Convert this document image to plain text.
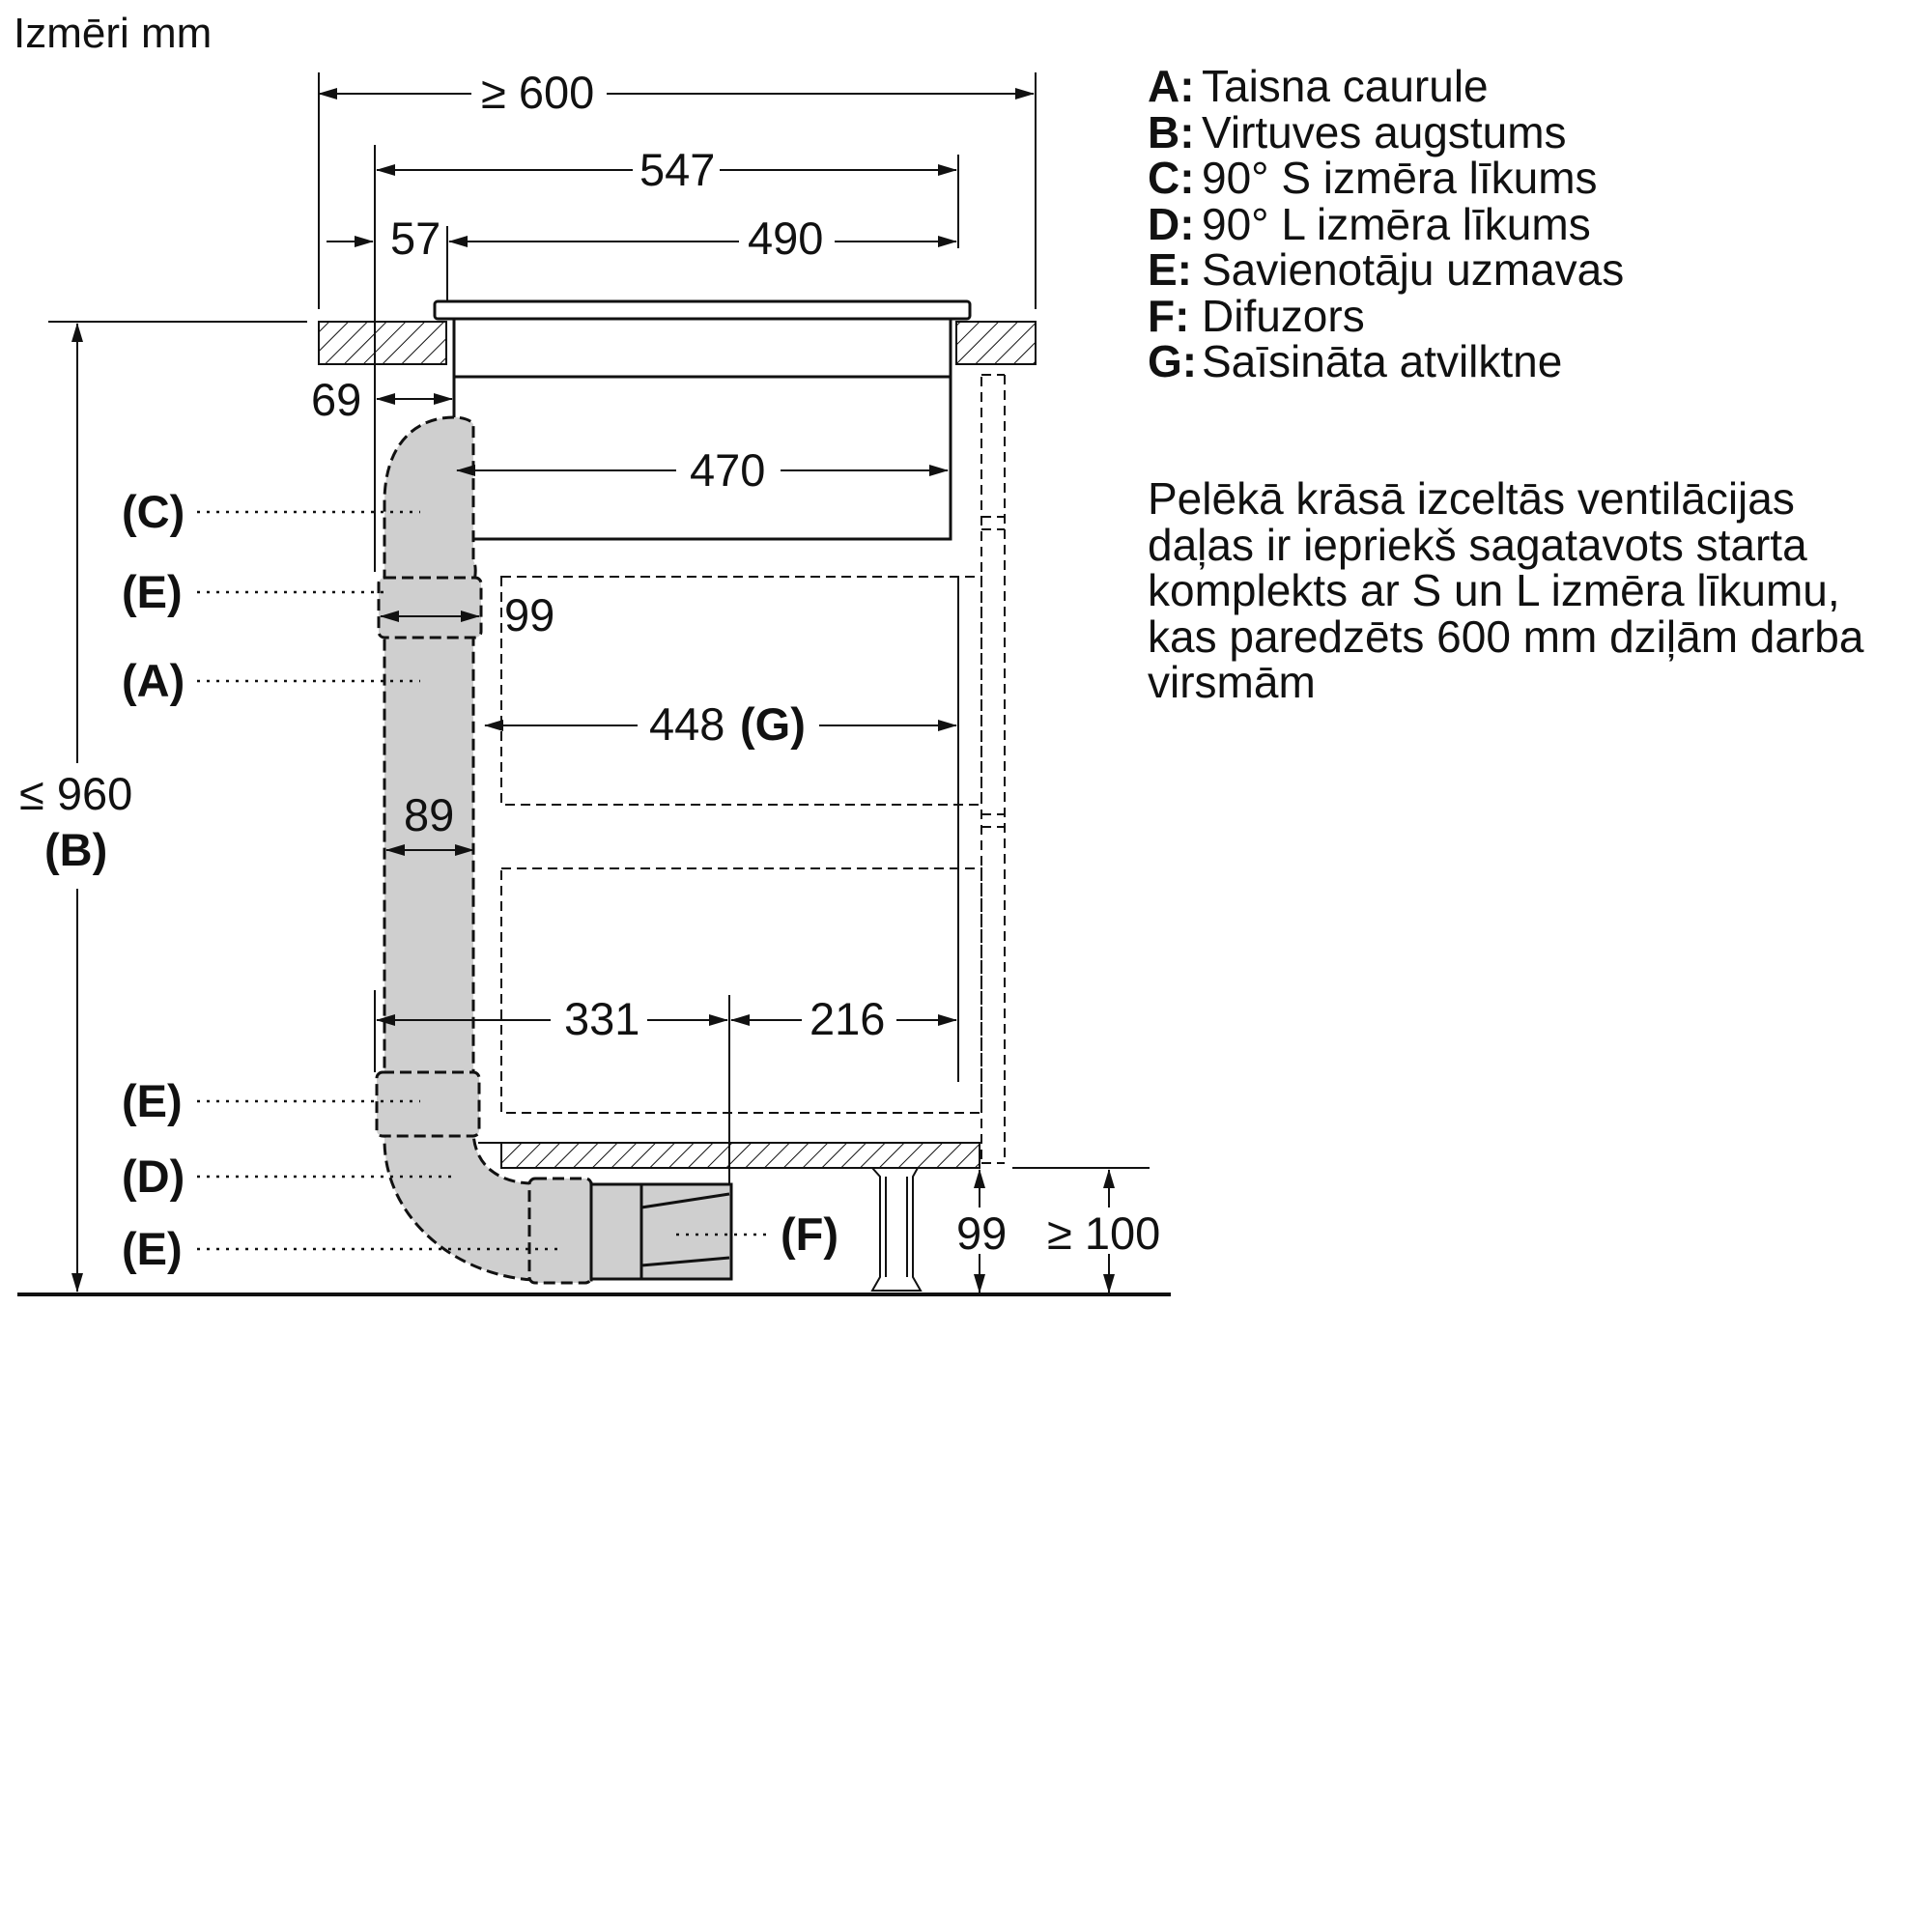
Izmēri mm
≥ 600
547
57	490
69
470
99
448 (G)
≤ 960
(B)
89
331	216
99 ≥ 100
(C)
(E)
(A)
(E)
(D)
(E)	(F)
A: Taisna caurule
B: Virtuves augstums
C: 90° S izmēra līkums
D: 90° L izmēra līkums
E: Savienotāju uzmavas
F: Difuzors
G: Saīsināta atvilktne
Pelēkā krāsā izceltās ventilācijas daļas ir iepriekš sagatavots starta komplekts ar S un L izmēra līkumu, kas paredzēts 600 mm dziļām darba virsmām
